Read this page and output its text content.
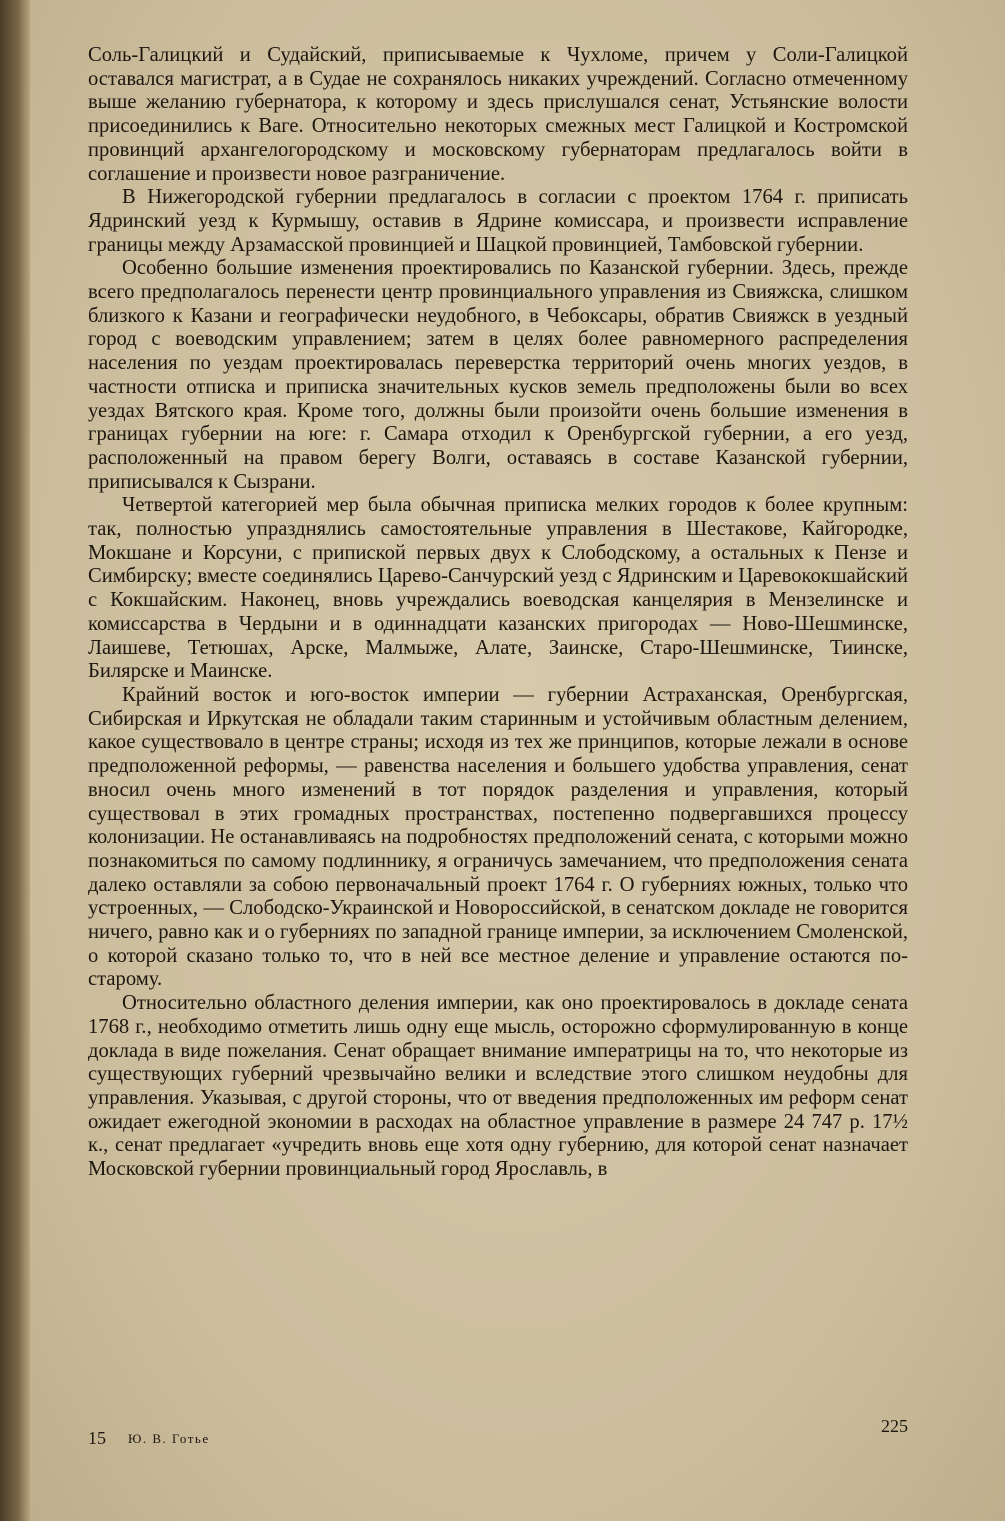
Соль-Галицкий и Судайский, приписываемые к Чухломе, причем у Соли-Галицкой оставался магистрат, а в Судае не сохранялось никаких учреждений. Согласно отмеченному выше желанию губернатора, к которому и здесь прислушался сенат, Устьянские волости присоединились к Ваге. Относительно некоторых смежных мест Галицкой и Костромской провинций архангелогородскому и московскому губернаторам предлагалось войти в соглашение и произвести новое разграничение.

В Нижегородской губернии предлагалось в согласии с проектом 1764 г. приписать Ядринский уезд к Курмышу, оставив в Ядрине комиссара, и произвести исправление границы между Арзамасской провинцией и Шацкой провинцией, Тамбовской губернии.

Особенно большие изменения проектировались по Казанской губернии. Здесь, прежде всего предполагалось перенести центр провинциального управления из Свияжска, слишком близкого к Казани и географически неудобного, в Чебоксары, обратив Свияжск в уездный город с воеводским управлением; затем в целях более равномерного распределения населения по уездам проектировалась переверстка территорий очень многих уездов, в частности отписка и приписка значительных кусков земель предположены были во всех уездах Вятского края. Кроме того, должны были произойти очень большие изменения в границах губернии на юге: г. Самара отходил к Оренбургской губернии, а его уезд, расположенный на правом берегу Волги, оставаясь в составе Казанской губернии, приписывался к Сызрани.

Четвертой категорией мер была обычная приписка мелких городов к более крупным: так, полностью упразднялись самостоятельные управления в Шестакове, Кайгородке, Мокшане и Корсуни, с припиской первых двух к Слободскому, а остальных к Пензе и Симбирску; вместе соединялись Царево-Санчурский уезд с Ядринским и Царевококшайский с Кокшайским. Наконец, вновь учреждались воеводская канцелярия в Мензелинске и комиссарства в Чердыни и в одиннадцати казанских пригородах — Ново-Шешминске, Лаишеве, Тетюшах, Арске, Малмыже, Алате, Заинске, Старо-Шешминске, Тиинске, Билярске и Маинске.

Крайний восток и юго-восток империи — губернии Астраханская, Оренбургская, Сибирская и Иркутская не обладали таким старинным и устойчивым областным делением, какое существовало в центре страны; исходя из тех же принципов, которые лежали в основе предположенной реформы, — равенства населения и большего удобства управления, сенат вносил очень много изменений в тот порядок разделения и управления, который существовал в этих громадных пространствах, постепенно подвергавшихся процессу колонизации. Не останавливаясь на подробностях предположений сената, с которыми можно познакомиться по самому подлиннику, я ограничусь замечанием, что предположения сената далеко оставляли за собою первоначальный проект 1764 г. О губерниях южных, только что устроенных, — Слободско-Украинской и Новороссийской, в сенатском докладе не говорится ничего, равно как и о губерниях по западной границе империи, за исключением Смоленской, о которой сказано только то, что в ней все местное деление и управление остаются по-старому.

Относительно областного деления империи, как оно проектировалось в докладе сената 1768 г., необходимо отметить лишь одну еще мысль, осторожно сформулированную в конце доклада в виде пожелания. Сенат обращает внимание императрицы на то, что некоторые из существующих губерний чрезвычайно велики и вследствие этого слишком неудобны для управления. Указывая, с другой стороны, что от введения предположенных им реформ сенат ожидает ежегодной экономии в расходах на областное управление в размере 24 747 р. 17½ к., сенат предлагает «учредить вновь еще хотя одну губернию, для которой сенат назначает Московской губернии провинциальный город Ярославль, в

15 Ю. В. Готье
225
